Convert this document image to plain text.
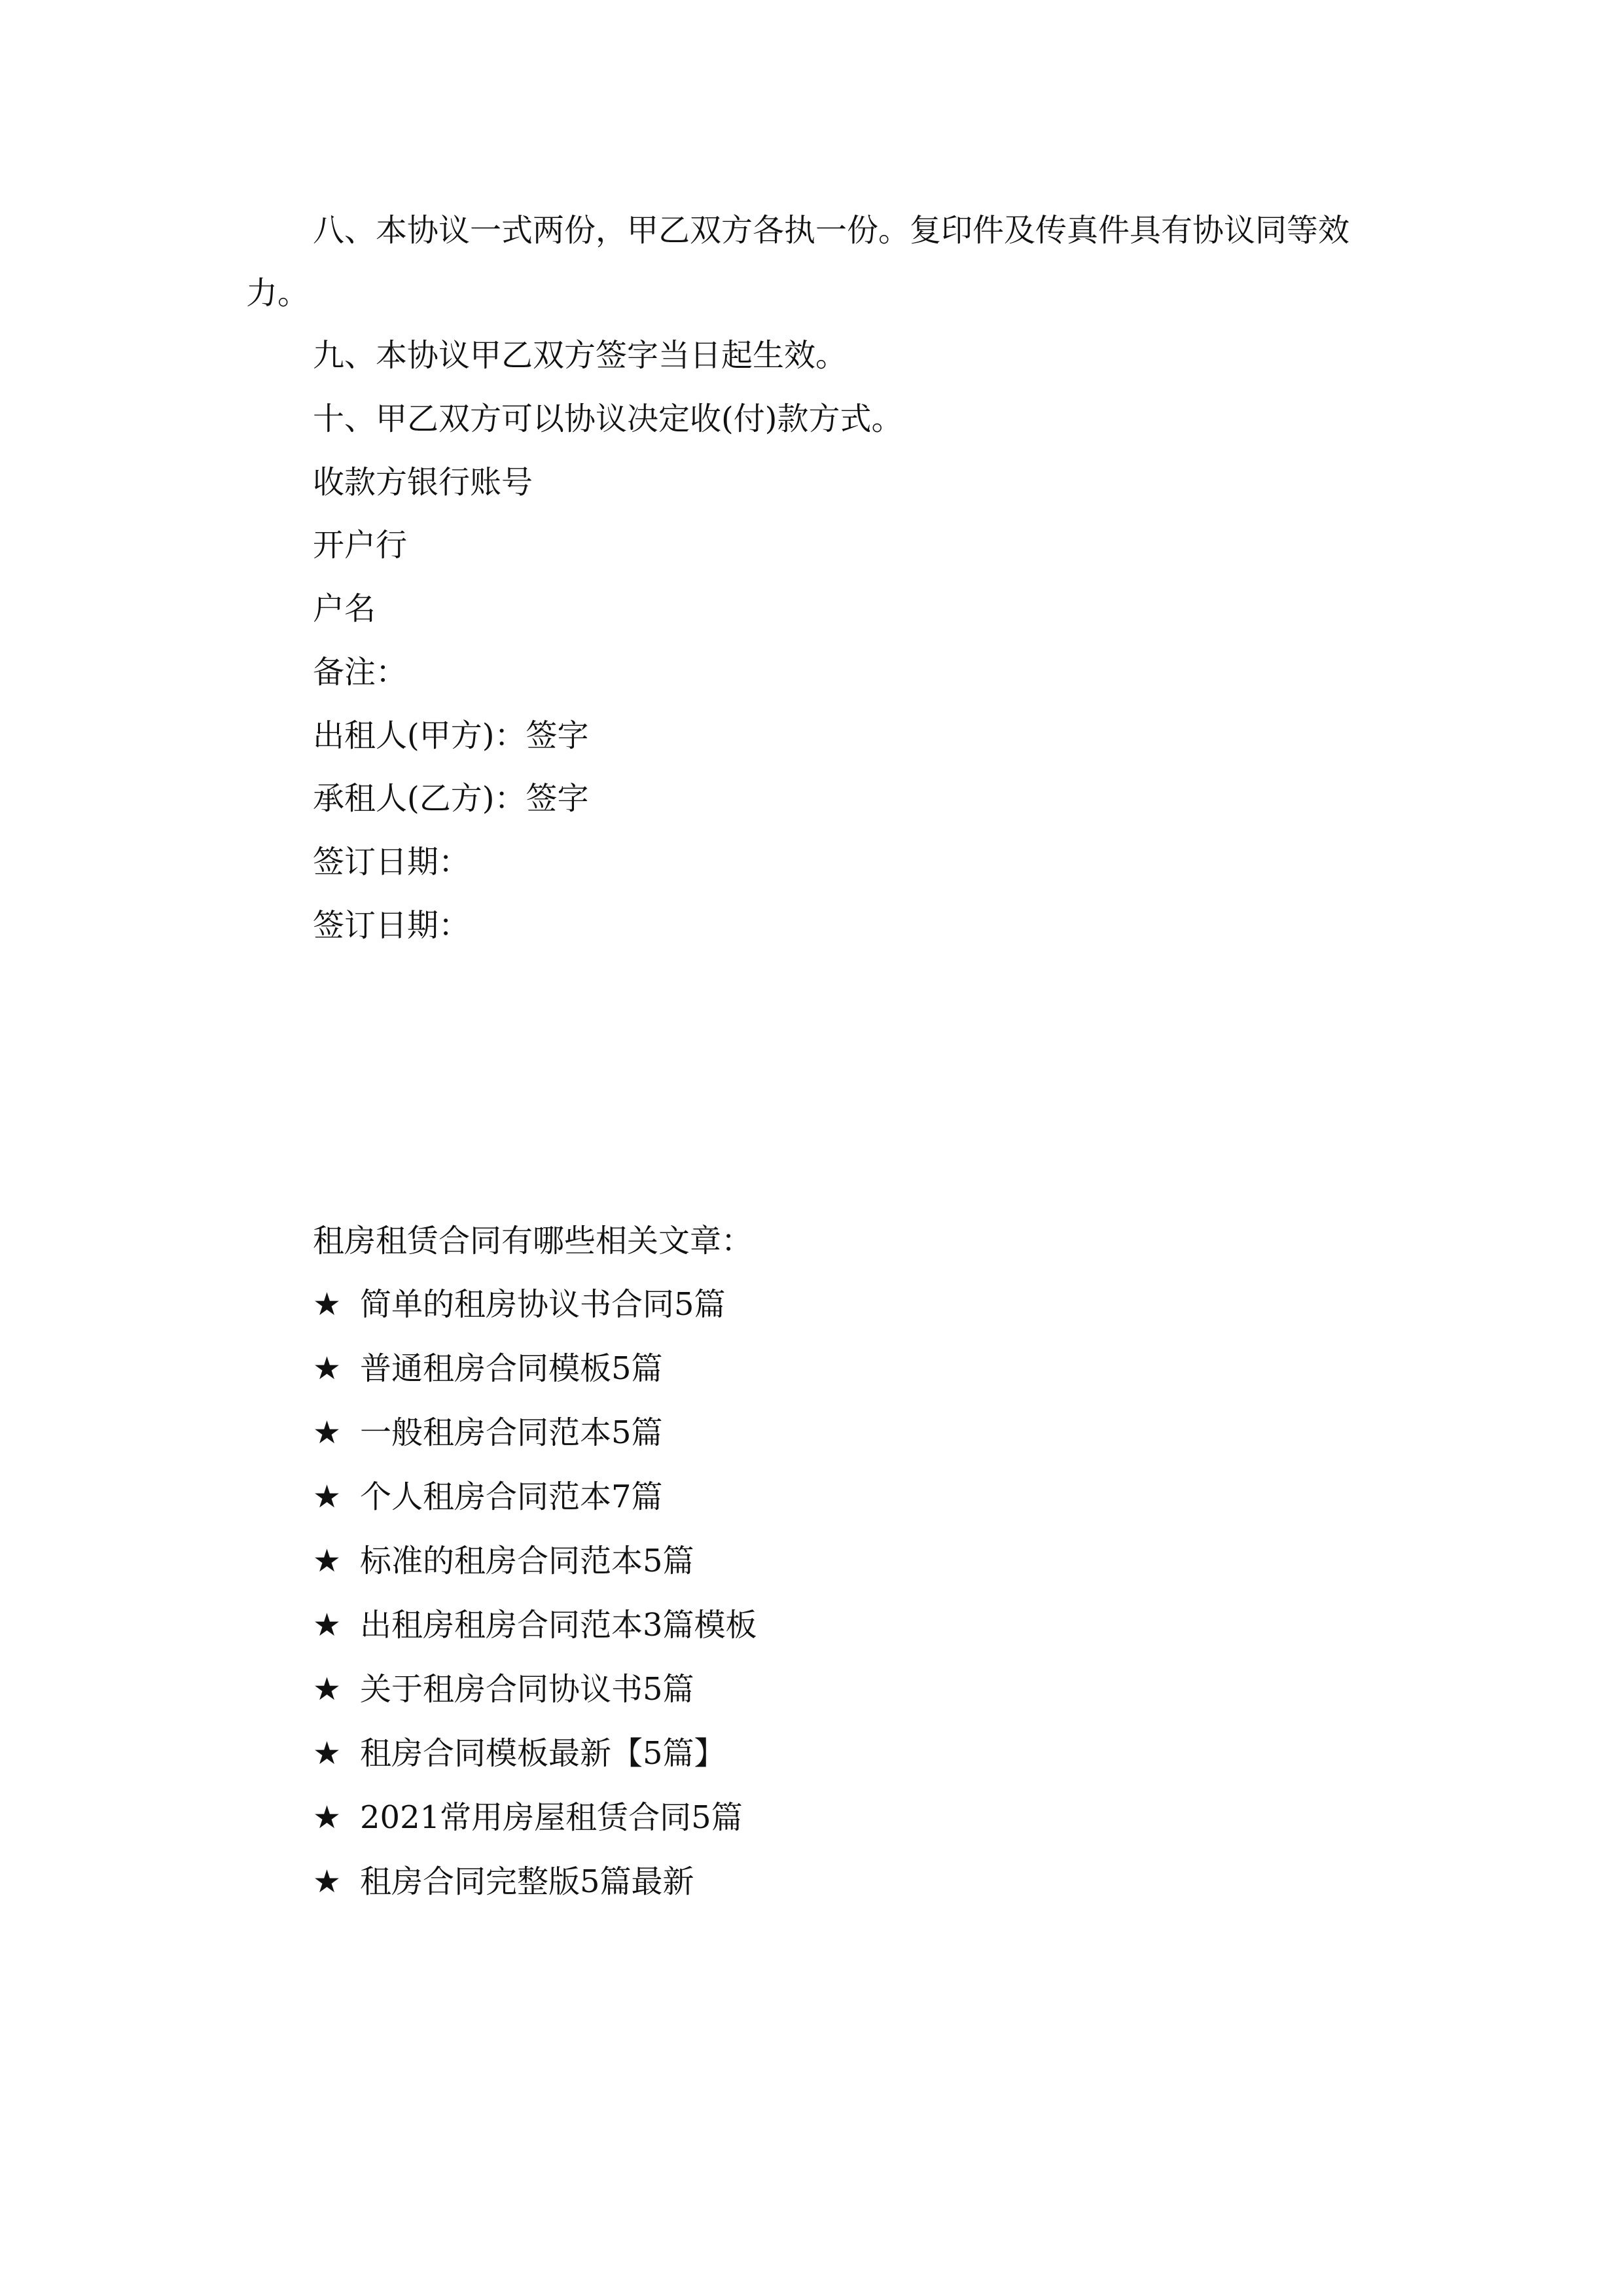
八、本协议一式两份，甲乙双方各执一份。复印件及传真件具有协议同等效

力。

九、本协议甲乙双方签字当日起生效。

十、甲乙双方可以协议决定收(付)款方式。

收款方银行账号

开户行

户名

备注：

出租人(甲方)：签字

承租人(乙方)：签字

签订日期：

签订日期：

租房租赁合同有哪些相关文章：

★ 简单的租房协议书合同5篇
★ 普通租房合同模板5篇
★ 一般租房合同范本5篇
★ 个人租房合同范本7篇
★ 标准的租房合同范本5篇
★ 出租房租房合同范本3篇模板
★ 关于租房合同协议书5篇
★ 租房合同模板最新【5篇】
★ 2021常用房屋租赁合同5篇
★ 租房合同完整版5篇最新
